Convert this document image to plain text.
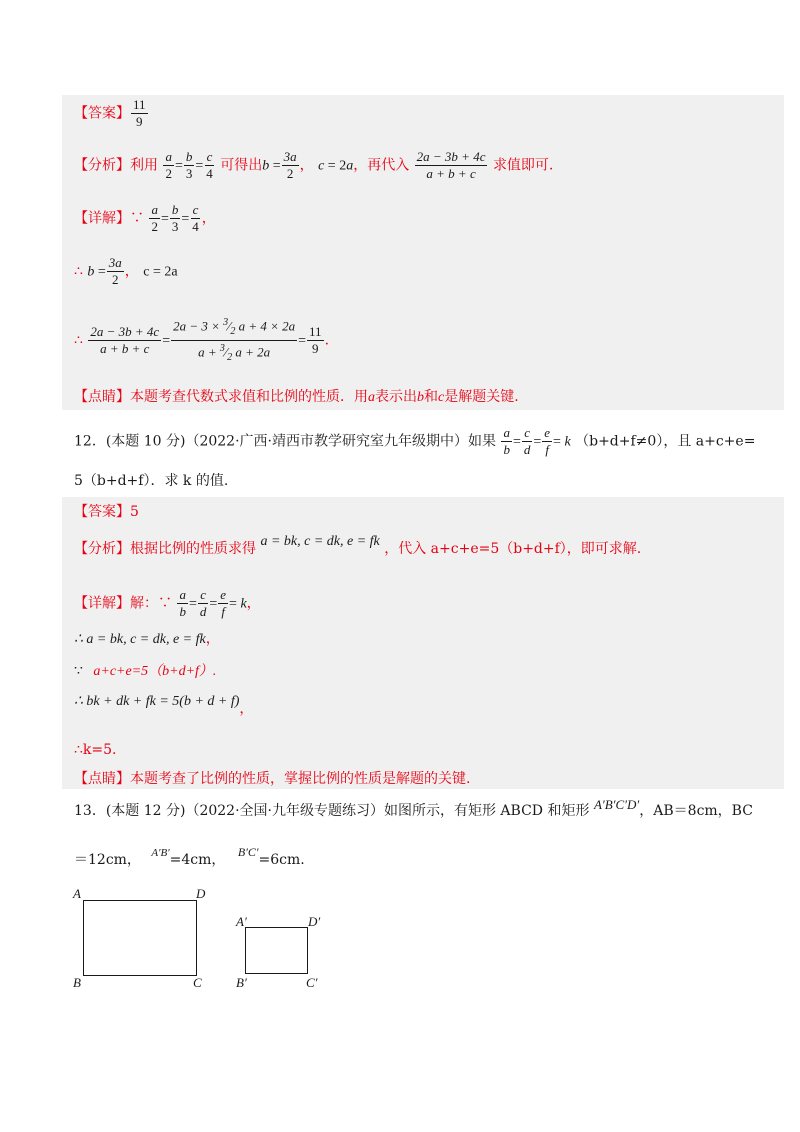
【答案】 $\frac{11}{9}$
【分析】利用 $\frac{a}{2} = \frac{b}{3} = \frac{c}{4}$ 可得出$b = \frac{3a}{2}$ ， c = 2a，再代入 $\frac{2a - 3b + 4c}{a + b + c}$ 求值即可.
【详解】∵ $\frac{a}{2} = \frac{b}{3} = \frac{c}{4}$ ，
∴ $b = \frac{3a}{2}$ ， c = 2a
∴ $\frac{2a - 3b + 4c}{a + b + c} = \frac{2a - 3 \times ^3⁄_2 a + 4 \times 2a}{a + ^3⁄_2 a + 2a} = \frac{11}{9}$ .
【点睛】本题考查代数式求值和比例的性质．用a表示出b和c是解题关键.
12．(本题 10 分)（2022·广西·靖西市教学研究室九年级期中）如果 $\frac{a}{b} = \frac{c}{d} = \frac{e}{f} = k$ （b+d+f≠0），且 a+c+e=
5（b+d+f）．求 k 的值.
【答案】5
【分析】根据比例的性质求得 a = bk, c = dk, e = fk ，代入 a+c+e=5（b+d+f），即可求解.
【详解】解：∵ $\frac{a}{b} = \frac{c}{d} = \frac{e}{f} = k$，
∴ a = bk, c = dk, e = fk，
∵ a+c+e=5（b+d+f）.
∴ bk + dk + fk = 5(b + d + f)，
∴k=5.
【点睛】本题考查了比例的性质，掌握比例的性质是解题的关键.
13．(本题 12 分)（2022·全国·九年级专题练习）如图所示，有矩形 ABCD 和矩形 A′B′C′D′，AB＝8cm，BC
＝12cm， $^{A'B'}$=4cm， B′C′=6cm.
A	D
B	C
A′	D′
B′	C′
